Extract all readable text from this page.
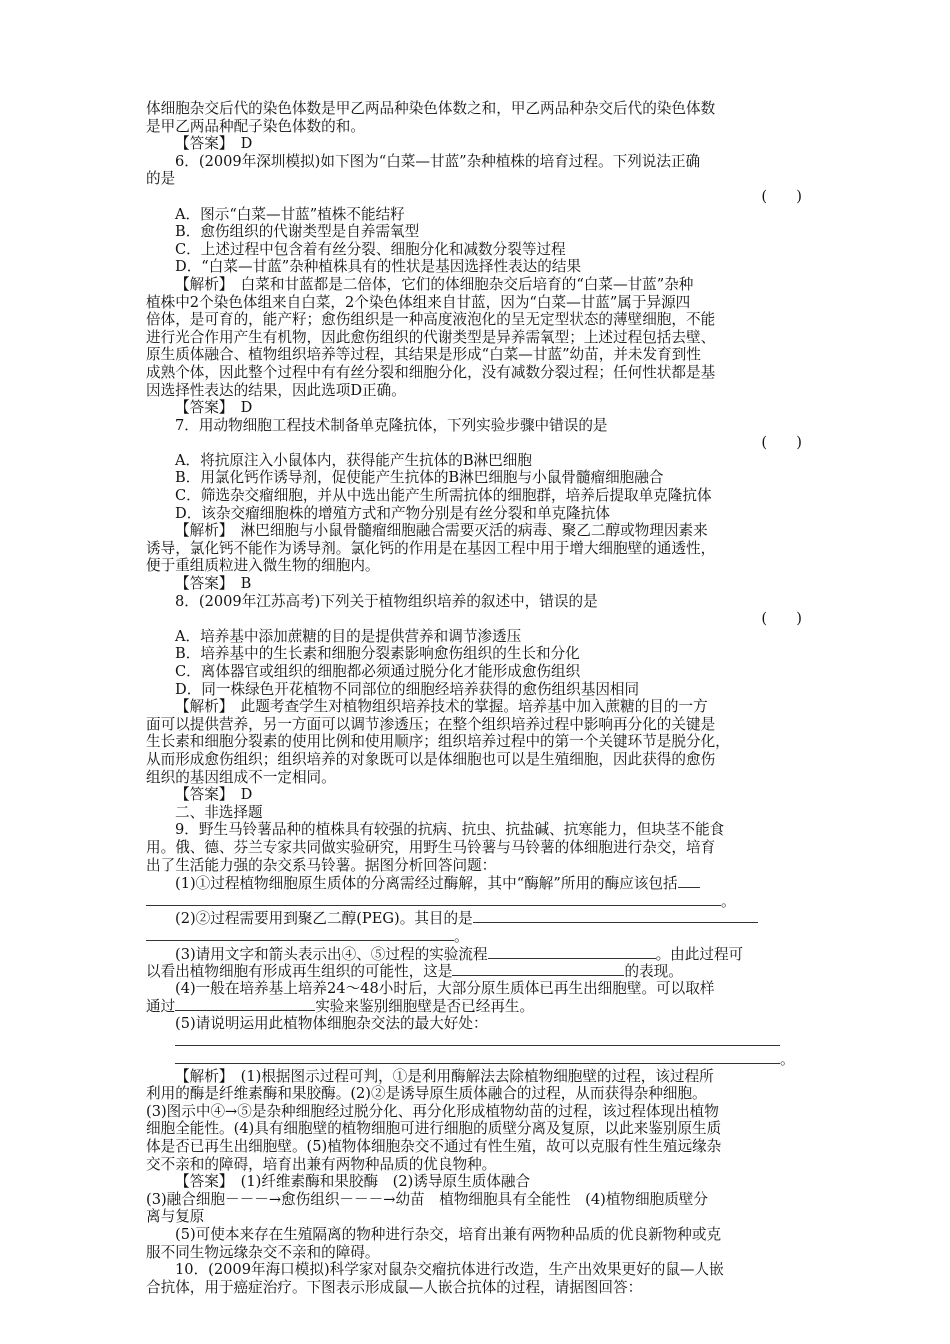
体细胞杂交后代的染色体数是甲乙两品种染色体数之和，甲乙两品种杂交后代的染色体数
是甲乙两品种配子染色体数的和。
【答案】　D
6．(2009年深圳模拟)如下图为“白菜—甘蓝”杂种植株的培育过程。下列说法正确
的是
(　　)
A．图示“白菜—甘蓝”植株不能结籽
B．愈伤组织的代谢类型是自养需氧型
C．上述过程中包含着有丝分裂、细胞分化和减数分裂等过程
D．“白菜—甘蓝”杂种植株具有的性状是基因选择性表达的结果
【解析】　白菜和甘蓝都是二倍体，它们的体细胞杂交后培育的“白菜—甘蓝”杂种
植株中2个染色体组来自白菜，2个染色体组来自甘蓝，因为“白菜—甘蓝”属于异源四
倍体，是可育的，能产籽；愈伤组织是一种高度液泡化的呈无定型状态的薄壁细胞，不能
进行光合作用产生有机物，因此愈伤组织的代谢类型是异养需氧型；上述过程包括去壁、
原生质体融合、植物组织培养等过程，其结果是形成“白菜—甘蓝”幼苗，并未发育到性
成熟个体，因此整个过程中有有丝分裂和细胞分化，没有减数分裂过程；任何性状都是基
因选择性表达的结果，因此选项D正确。
【答案】　D
7．用动物细胞工程技术制备单克隆抗体，下列实验步骤中错误的是
(　　)
A．将抗原注入小鼠体内，获得能产生抗体的B淋巴细胞
B．用氯化钙作诱导剂，促使能产生抗体的B淋巴细胞与小鼠骨髓瘤细胞融合
C．筛选杂交瘤细胞，并从中选出能产生所需抗体的细胞群，培养后提取单克隆抗体
D．该杂交瘤细胞株的增殖方式和产物分别是有丝分裂和单克隆抗体
【解析】　淋巴细胞与小鼠骨髓瘤细胞融合需要灭活的病毒、聚乙二醇或物理因素来
诱导，氯化钙不能作为诱导剂。氯化钙的作用是在基因工程中用于增大细胞壁的通透性，
便于重组质粒进入微生物的细胞内。
【答案】　B
8．(2009年江苏高考)下列关于植物组织培养的叙述中，错误的是
(　　)
A．培养基中添加蔗糖的目的是提供营养和调节渗透压
B．培养基中的生长素和细胞分裂素影响愈伤组织的生长和分化
C．离体器官或组织的细胞都必须通过脱分化才能形成愈伤组织
D．同一株绿色开花植物不同部位的细胞经培养获得的愈伤组织基因相同
【解析】　此题考查学生对植物组织培养技术的掌握。培养基中加入蔗糖的目的一方
面可以提供营养，另一方面可以调节渗透压；在整个组织培养过程中影响再分化的关键是
生长素和细胞分裂素的使用比例和使用顺序；组织培养过程中的第一个关键环节是脱分化，
从而形成愈伤组织；组织培养的对象既可以是体细胞也可以是生殖细胞，因此获得的愈伤
组织的基因组成不一定相同。
【答案】　D
二、非选择题
9．野生马铃薯品种的植株具有较强的抗病、抗虫、抗盐碱、抗寒能力，但块茎不能食
用。俄、德、芬兰专家共同做实验研究，用野生马铃薯与马铃薯的体细胞进行杂交，培育
出了生活能力强的杂交系马铃薯。据图分析回答问题：
(1)①过程植物细胞原生质体的分离需经过酶解，其中“酶解”所用的酶应该包括
。
(2)②过程需要用到聚乙二醇(PEG)。其目的是
。
(3)请用文字和箭头表示出④、⑤过程的实验流程	。由此过程可
以看出植物细胞有形成再生组织的可能性，这是	的表现。
(4)一般在培养基上培养24～48小时后，大部分原生质体已再生出细胞壁。可以取样
通过	实验来鉴别细胞壁是否已经再生。
(5)请说明运用此植物体细胞杂交法的最大好处：
。
【解析】　(1)根据图示过程可判，①是利用酶解法去除植物细胞壁的过程，该过程所
利用的酶是纤维素酶和果胶酶。(2)②是诱导原生质体融合的过程，从而获得杂种细胞。
(3)图示中④→⑤是杂种细胞经过脱分化、再分化形成植物幼苗的过程，该过程体现出植物
细胞全能性。(4)具有细胞壁的植物细胞可进行细胞的质壁分离及复原，以此来鉴别原生质
体是否已再生出细胞壁。(5)植物体细胞杂交不通过有性生殖，故可以克服有性生殖远缘杂
交不亲和的障碍，培育出兼有两物种品质的优良物种。
【答案】　(1)纤维素酶和果胶酶　(2)诱导原生质体融合
(3)融合细胞－－－→愈伤组织－－－→幼苗　植物细胞具有全能性　(4)植物细胞质壁分
离与复原
(5)可使本来存在生殖隔离的物种进行杂交，培育出兼有两物种品质的优良新物种或克
服不同生物远缘杂交不亲和的障碍。
10．(2009年海口模拟)科学家对鼠杂交瘤抗体进行改造，生产出效果更好的鼠—人嵌
合抗体，用于癌症治疗。下图表示形成鼠—人嵌合抗体的过程，请据图回答：
